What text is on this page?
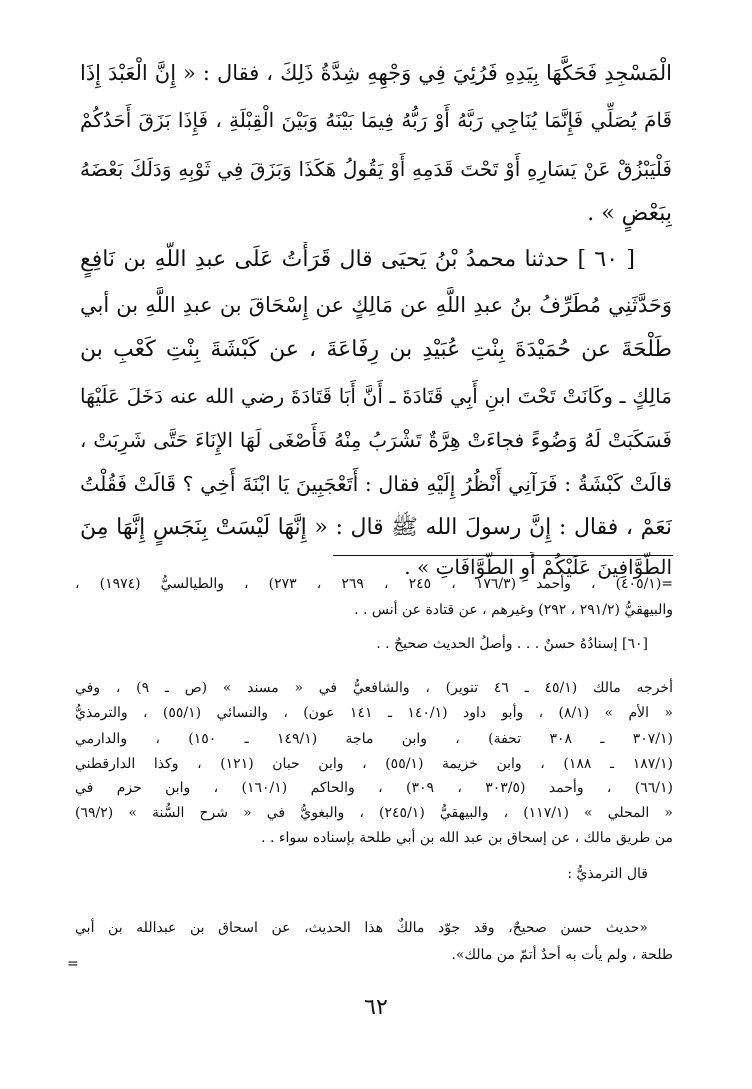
الْمَسْجِدِ فَحَكَّهَا بِيَدِهِ فَرُئِيَ فِي وَجْهِهِ شِدَّةُ ذَلِكَ ، فقال : « إِنَّ الْعَبْدَ إِذَا
قَامَ يُصَلِّي فَإِنَّمَا يُنَاجِي رَبَّهُ أَوْ رَبُّهُ فِيمَا بَيْنَهُ وَبَيْنَ الْقِبْلَةِ ، فَإِذَا بَزَقَ أَحَدُكُمْ
فَلْيَبْزُقْ عَنْ يَسَارِهِ أَوْ تَحْتَ قَدَمِهِ أَوْ يَقُولُ هَكَذَا وَبَزَقَ فِي ثَوْبِهِ وَدَلَكَ بَعْضَهُ
بِبَعْضٍ » .
[ ٦٠ ] حدثنا محمدُ بْنُ يَحيَى قال قَرَأْتُ عَلَى عبدِ اللَّهِ بن نَافِعٍ
وَحَدَّثَنِي مُطَرِّفُ بنُ عبدِ اللَّهِ عن مَالِكٍ عن إِسْحَاقَ بن عبدِ اللَّهِ بن أبي
طَلْحَةَ عن حُمَيْدَةَ بِنْتِ عُبَيْدِ بن رِفَاعَةَ ، عن كَبْشَةَ بِنْتِ كَعْبِ بن
مَالِكٍ ـ وكَانَتْ تَحْتَ ابنِ أَبِي قَتَادَةَ ـ أَنَّ أَبَا قَتَادَةَ رضي الله عنه دَخَلَ عَلَيْهَا
فَسَكَبَتْ لَهُ وَضُوءً فجاءَتْ هِرَّةٌ تَشْرَبُ مِنْهُ فَأَصْغَى لَهَا الإِنَاءَ حَتَّى شَرِبَتْ ،
قالَتْ كَبْشَةُ : فَرَآنِي أَنْظُرُ إِلَيْهِ فقال : أَتَعْجَبِينَ يَا ابْنَةَ أَخِي ؟ قَالَتْ فَقُلْتُ
نَعَمْ ، فقال : إِنَّ رسولَ الله ﷺ قال : « إِنَّهَا لَيْسَتْ بِنَجَسٍ إِنَّهَا مِنَ
الطَّوَّافِينَ عَلَيْكُمْ أَوِ الطَّوَّافَاتِ » .
=(٤٠٥/١) ، وأحمد (١٧٦/٣ ، ٢٤٥ ، ٢٦٩ ، ٢٧٣) ، والطيالسيُّ (١٩٧٤) ،
والبيهقيُّ (٢٩١/٢ ، ٢٩٢) وغيرهم ، عن قتادة عن أنس . .
[٦٠] إسنادُهُ حسنٌ . . . وأصلُ الحديث صحيحٌ . .
أخرجه مالك (٤٥/١ ـ ٤٦ تنوير) ، والشافعيُّ في « مسند » (ص ـ ٩) ، وفي
« الأم » (٨/١) ، وأبو داود (١٤٠/١ ـ ١٤١ عون) ، والنسائي (٥٥/١) ، والترمذيُّ
(٣٠٧/١ ـ ٣٠٨ تحفة) ، وابن ماجة (١٤٩/١ ـ ١٥٠) ، والدارمي
(١٨٧/١ ـ ١٨٨) ، وابن خزيمة (٥٥/١) ، وابن حبان (١٢١) ، وكذا الدارقطني
(٦٦/١) ، وأحمد (٣٠٣/٥ ، ٣٠٩) ، والحاكم (١٦٠/١) ، وابن حزم في
« المحلي » (١١٧/١) ، والبيهقيُّ (٢٤٥/١) ، والبغويُّ في « شرح السُّنة » (٦٩/٢)
من طريق مالك ، عن إسحاق بن عبد الله بن أبي طلحة بإسناده سواء . .
قال الترمذيُّ :
«حديث حسن صحيحٌ، وقد جوّد مالكٌ هذا الحديث، عن اسحاق بن عبدالله بن أبي
طلحة ، ولم يأت به أحدٌ أتمّ من مالك».
=
٦٢
